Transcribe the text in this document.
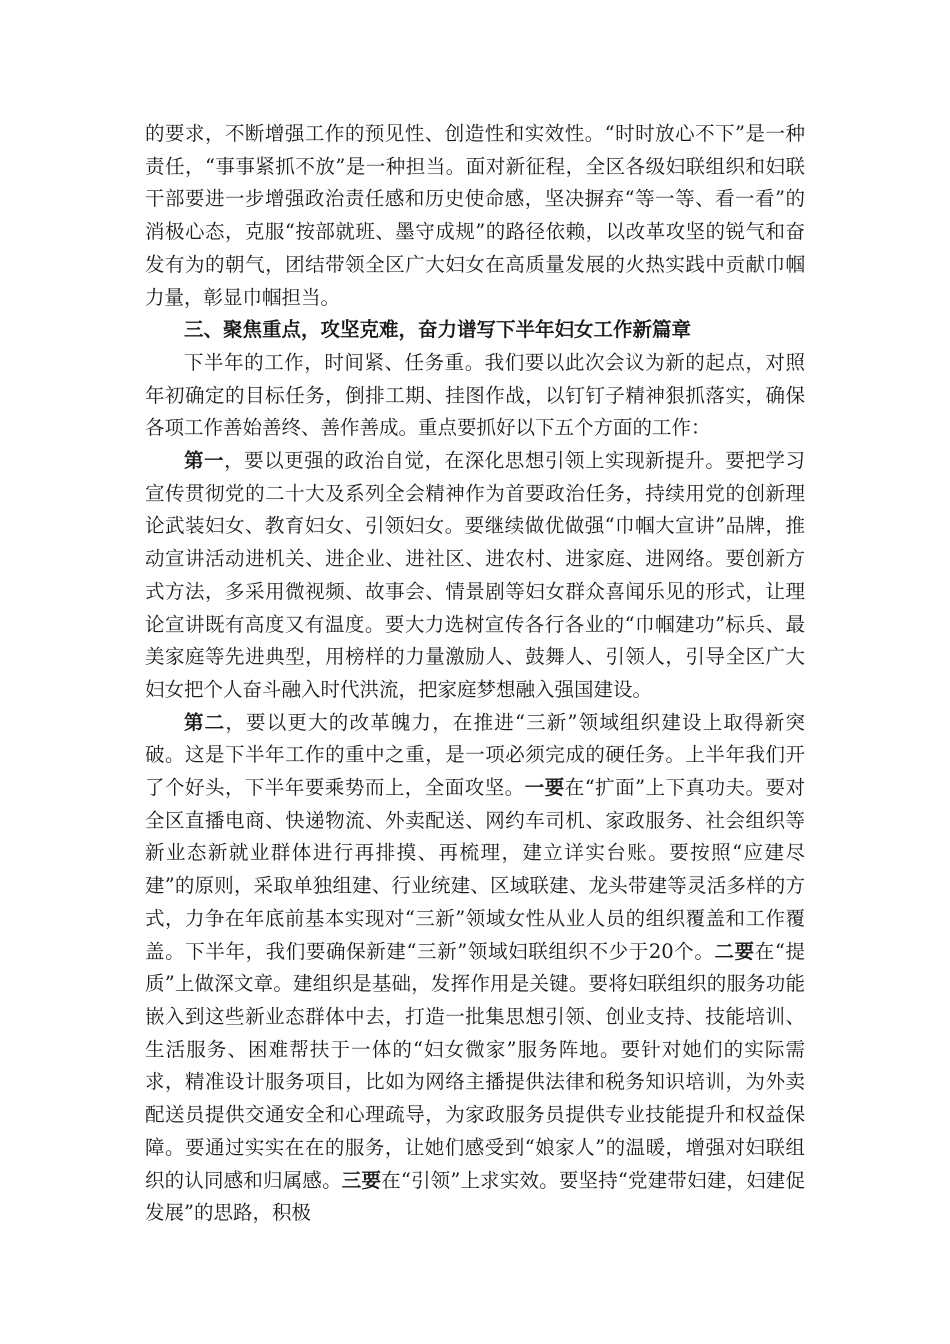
的要求，不断增强工作的预见性、创造性和实效性。“时时放心不下”是一种责任，“事事紧抓不放”是一种担当。面对新征程，全区各级妇联组织和妇联干部要进一步增强政治责任感和历史使命感，坚决摒弃“等一等、看一看”的消极心态，克服“按部就班、墨守成规”的路径依赖，以改革攻坚的锐气和奋发有为的朝气，团结带领全区广大妇女在高质量发展的火热实践中贡献巾帼力量，彰显巾帼担当。

三、聚焦重点，攻坚克难，奋力谱写下半年妇女工作新篇章

下半年的工作，时间紧、任务重。我们要以此次会议为新的起点，对照年初确定的目标任务，倒排工期、挂图作战，以钉钉子精神狠抓落实，确保各项工作善始善终、善作善成。重点要抓好以下五个方面的工作：

第一，要以更强的政治自觉，在深化思想引领上实现新提升。要把学习宣传贯彻党的二十大及系列全会精神作为首要政治任务，持续用党的创新理论武装妇女、教育妇女、引领妇女。要继续做优做强“巾帼大宣讲”品牌，推动宣讲活动进机关、进企业、进社区、进农村、进家庭、进网络。要创新方式方法，多采用微视频、故事会、情景剧等妇女群众喜闻乐见的形式，让理论宣讲既有高度又有温度。要大力选树宣传各行各业的“巾帼建功”标兵、最美家庭等先进典型，用榜样的力量激励人、鼓舞人、引领人，引导全区广大妇女把个人奋斗融入时代洪流，把家庭梦想融入强国建设。

第二，要以更大的改革魄力，在推进“三新”领域组织建设上取得新突破。这是下半年工作的重中之重，是一项必须完成的硬任务。上半年我们开了个好头，下半年要乘势而上，全面攻坚。一要在“扩面”上下真功夫。要对全区直播电商、快递物流、外卖配送、网约车司机、家政服务、社会组织等新业态新就业群体进行再排摸、再梳理，建立详实台账。要按照“应建尽建”的原则，采取单独组建、行业统建、区域联建、龙头带建等灵活多样的方式，力争在年底前基本实现对“三新”领域女性从业人员的组织覆盖和工作覆盖。下半年，我们要确保新建“三新”领域妇联组织不少于20个。二要在“提质”上做深文章。建组织是基础，发挥作用是关键。要将妇联组织的服务功能嵌入到这些新业态群体中去，打造一批集思想引领、创业支持、技能培训、生活服务、困难帮扶于一体的“妇女微家”服务阵地。要针对她们的实际需求，精准设计服务项目，比如为网络主播提供法律和税务知识培训，为外卖配送员提供交通安全和心理疏导，为家政服务员提供专业技能提升和权益保障。要通过实实在在的服务，让她们感受到“娘家人”的温暖，增强对妇联组织的认同感和归属感。三要在“引领”上求实效。要坚持“党建带妇建，妇建促发展”的思路，积极
